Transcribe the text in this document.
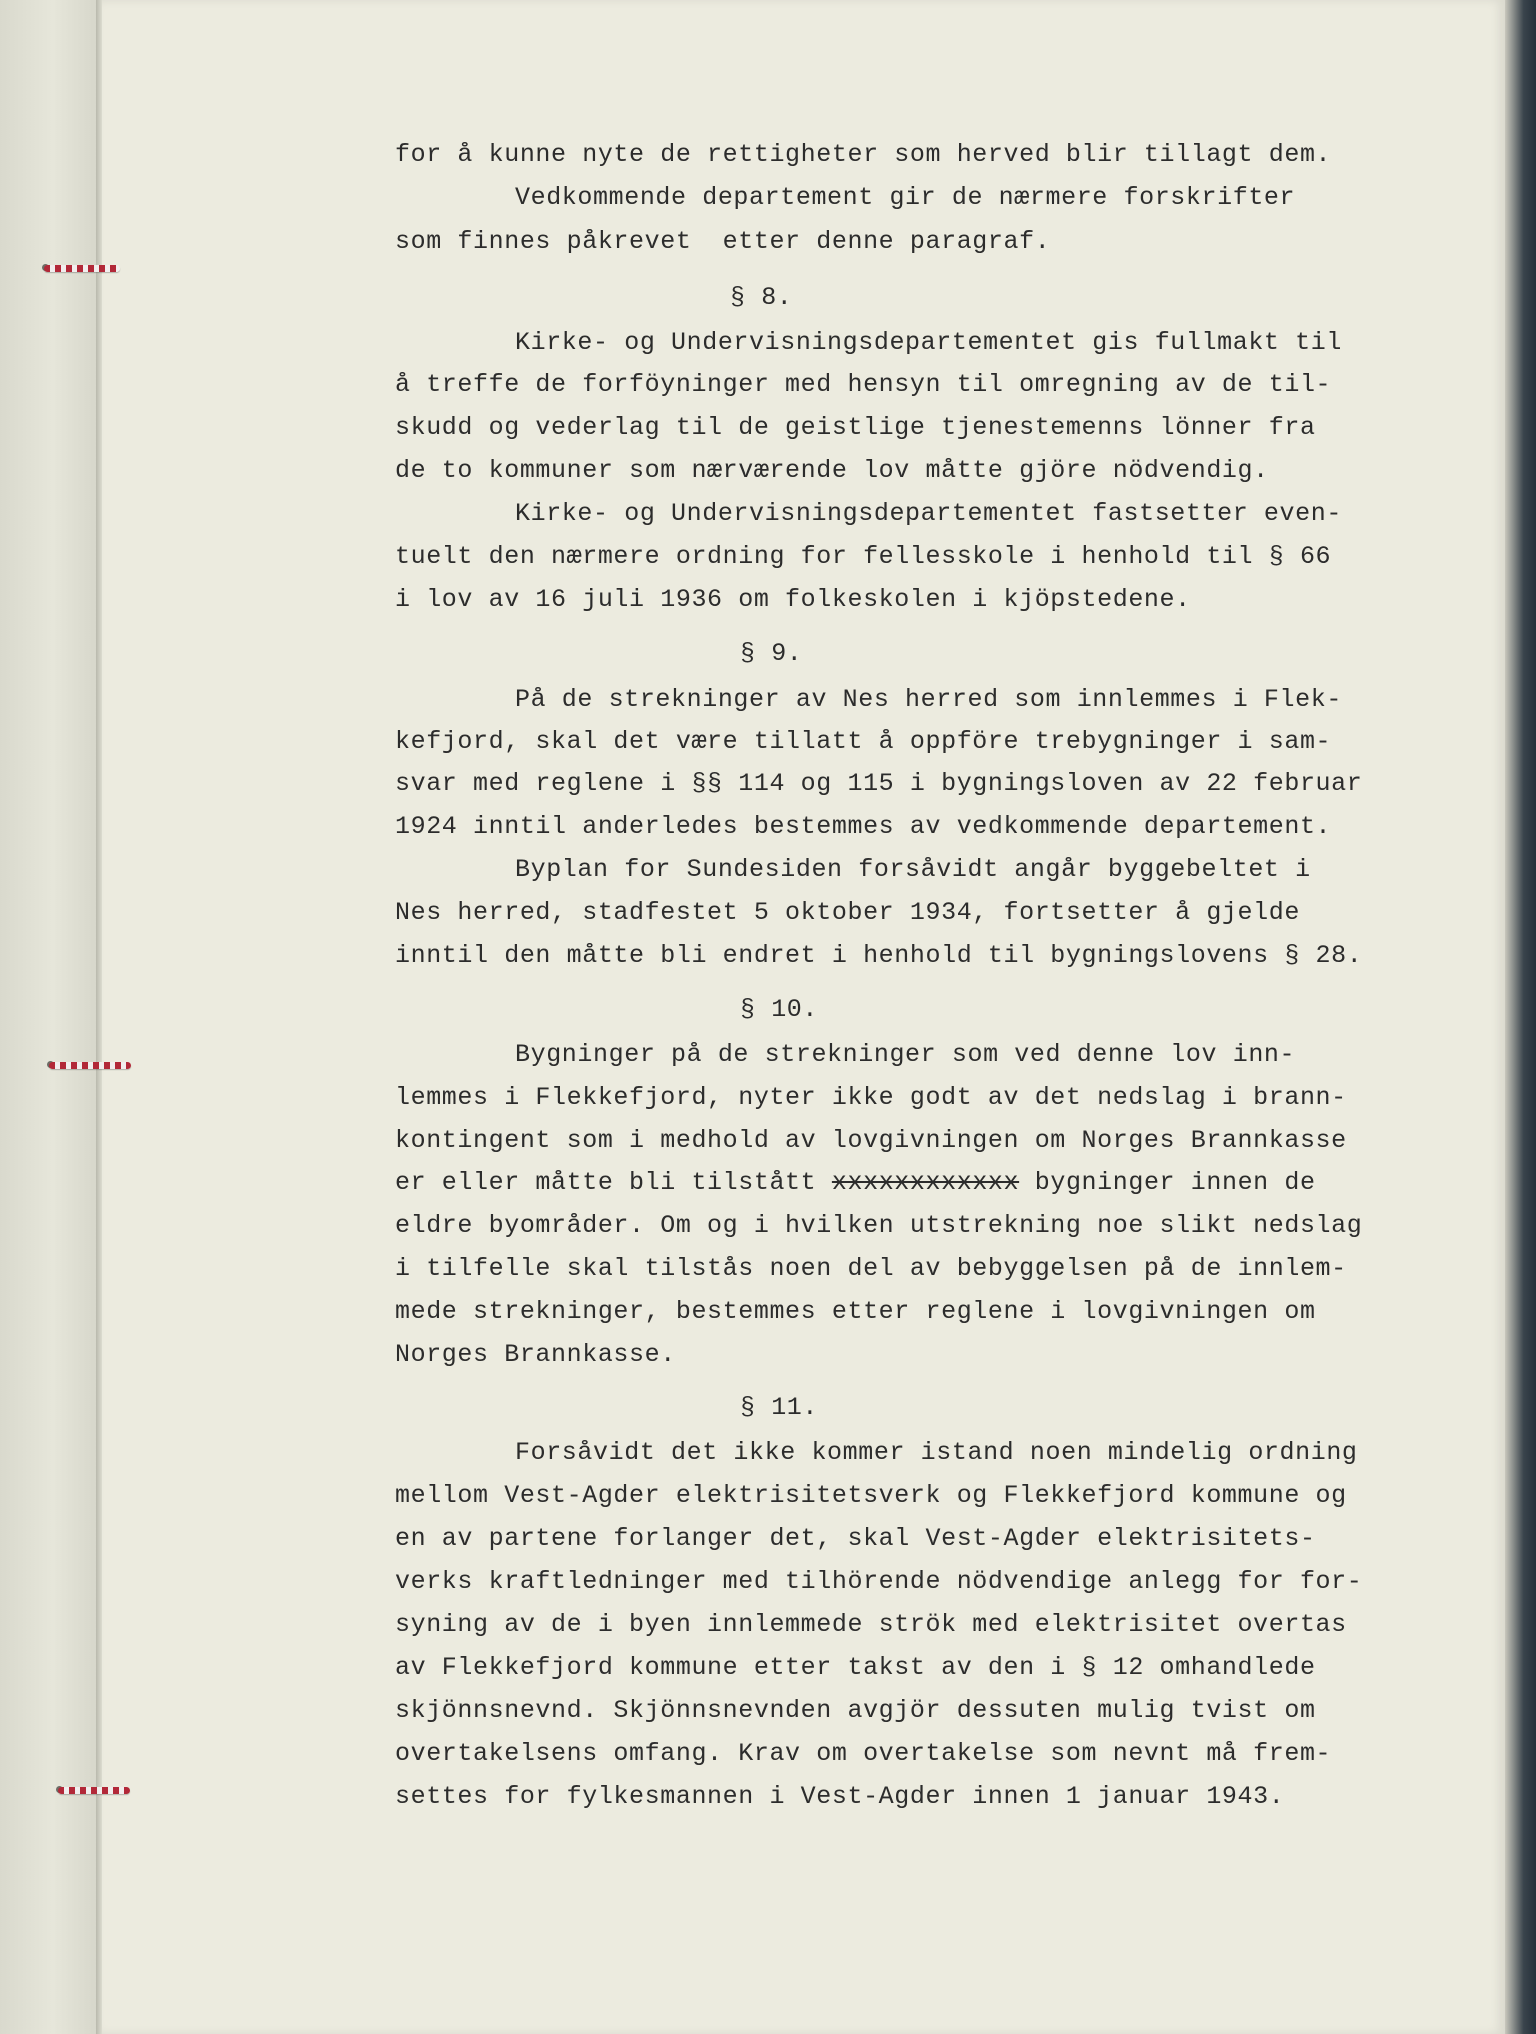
for å kunne nyte de rettigheter som herved blir tillagt dem.
Vedkommende departement gir de nærmere forskrifter
som finnes påkrevet  etter denne paragraf.
§ 8.
Kirke- og Undervisningsdepartementet gis fullmakt til
å treffe de forföyninger med hensyn til omregning av de til-
skudd og vederlag til de geistlige tjenestemenns lönner fra
de to kommuner som nærværende lov måtte gjöre nödvendig.
Kirke- og Undervisningsdepartementet fastsetter even-
tuelt den nærmere ordning for fellesskole i henhold til § 66
i lov av 16 juli 1936 om folkeskolen i kjöpstedene.
§ 9.
På de strekninger av Nes herred som innlemmes i Flek-
kefjord, skal det være tillatt å oppföre trebygninger i sam-
svar med reglene i §§ 114 og 115 i bygningsloven av 22 februar
1924 inntil anderledes bestemmes av vedkommende departement.
Byplan for Sundesiden forsåvidt angår byggebeltet i
Nes herred, stadfestet 5 oktober 1934, fortsetter å gjelde
inntil den måtte bli endret i henhold til bygningslovens § 28.
§ 10.
Bygninger på de strekninger som ved denne lov inn-
lemmes i Flekkefjord, nyter ikke godt av det nedslag i brann-
kontingent som i medhold av lovgivningen om Norges Brannkasse
er eller måtte bli tilstått xxxxxxxxxxxx bygninger innen de
eldre byområder. Om og i hvilken utstrekning noe slikt nedslag
i tilfelle skal tilstås noen del av bebyggelsen på de innlem-
mede strekninger, bestemmes etter reglene i lovgivningen om
Norges Brannkasse.
§ 11.
Forsåvidt det ikke kommer istand noen mindelig ordning
mellom Vest-Agder elektrisitetsverk og Flekkefjord kommune og
en av partene forlanger det, skal Vest-Agder elektrisitets-
verks kraftledninger med tilhörende nödvendige anlegg for for-
syning av de i byen innlemmede strök med elektrisitet overtas
av Flekkefjord kommune etter takst av den i § 12 omhandlede
skjönnsnevnd. Skjönnsnevnden avgjör dessuten mulig tvist om
overtakelsens omfang. Krav om overtakelse som nevnt må frem-
settes for fylkesmannen i Vest-Agder innen 1 januar 1943.
